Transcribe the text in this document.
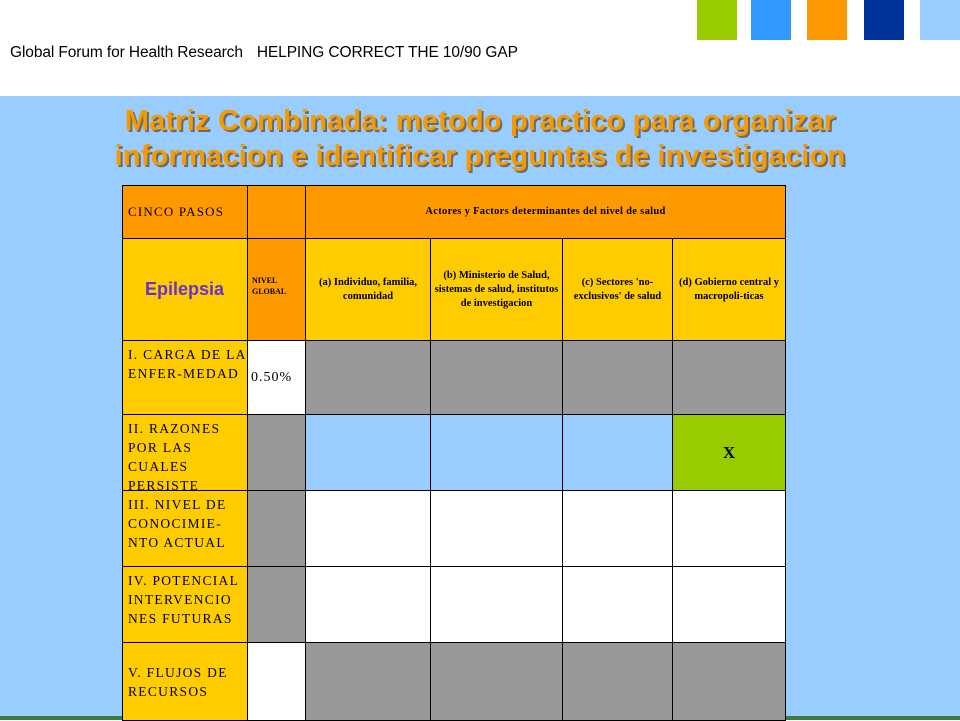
Global Forum for Health Research HELPING CORRECT THE 10/90 GAP
Matriz Combinada: metodo practico para organizar
informacion e identificar preguntas de investigacion
CINCO PASOS	Actores y Factors determinantes del nivel de salud
Epilepsia	NIVEL GLOBAL
(a) Individuo, familia, comunidad
(b) Ministerio de Salud, sistemas de salud, institutos de investigacion
(c) Sectores 'no-exclusivos' de salud
(d) Gobierno central y macropoli-ticas
I. CARGA DE LA ENFER-MEDAD 0.50%
II. RAZONES POR LAS CUALES PERSISTE
X
III. NIVEL DE CONOCIMIE-NTO ACTUAL
IV. POTENCIAL INTERVENCIO NES FUTURAS
V. FLUJOS DE RECURSOS
